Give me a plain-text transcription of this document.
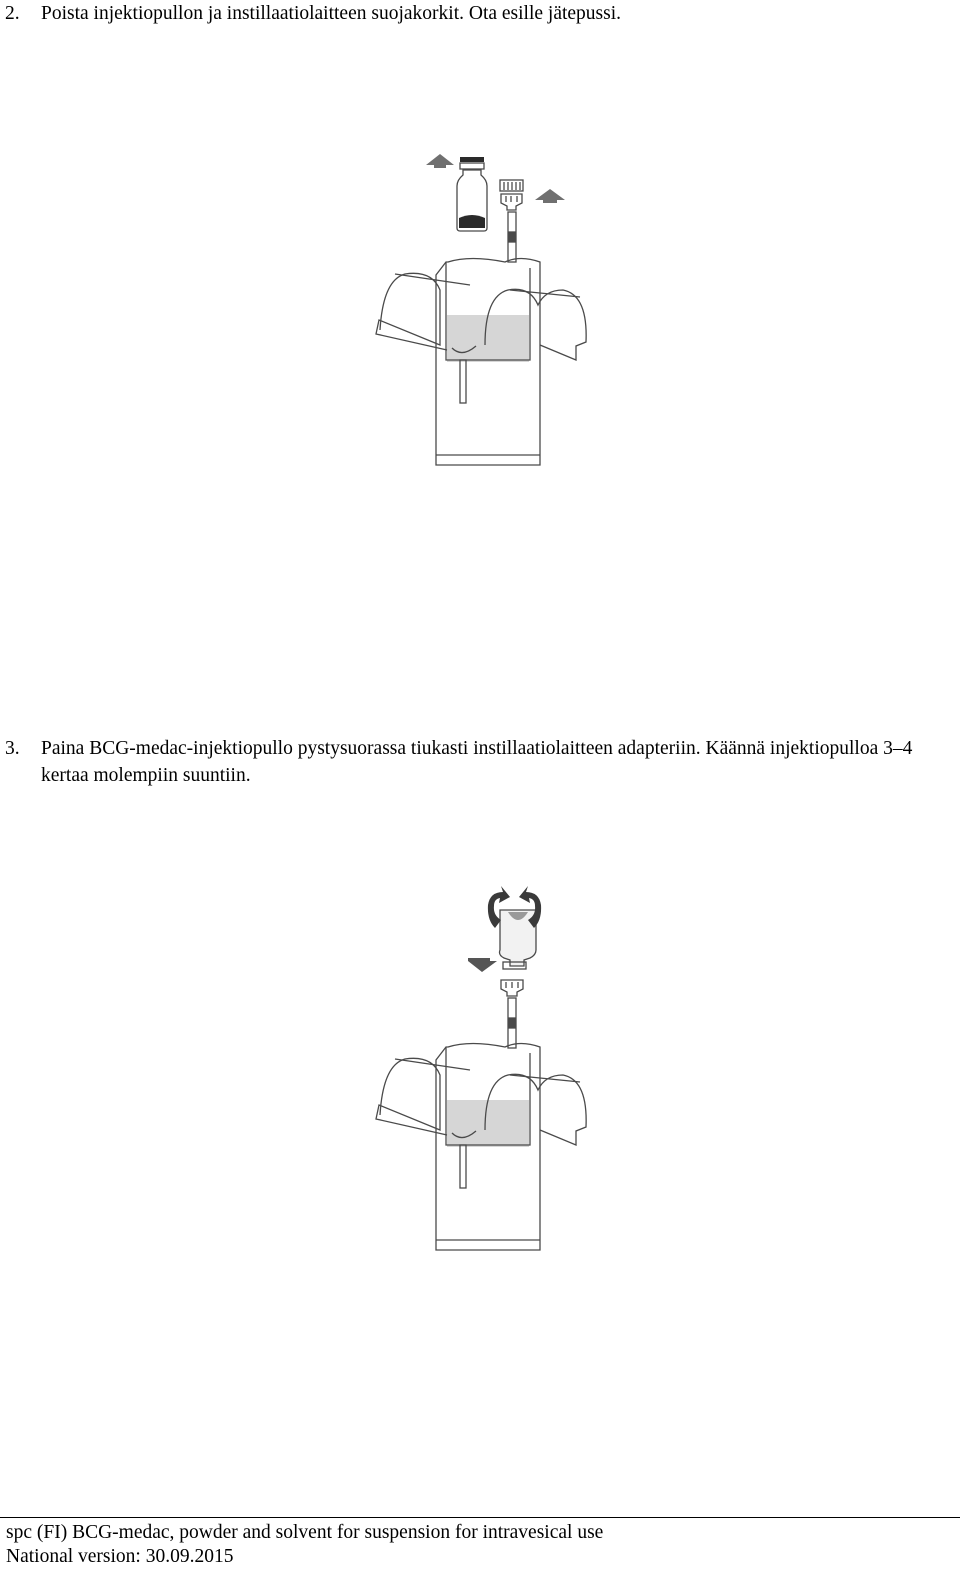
2. Poista injektiopullon ja instillaatiolaitteen suojakorkit. Ota esille jätepussi.
3. Paina BCG-medac-injektiopullo pystysuorassa tiukasti instillaatiolaitteen adapteriin. Käännä injektiopulloa 3–4 kertaa molempiin suuntiin.
spc (FI) BCG-medac, powder and solvent for suspension for intravesical use
National version: 30.09.2015
